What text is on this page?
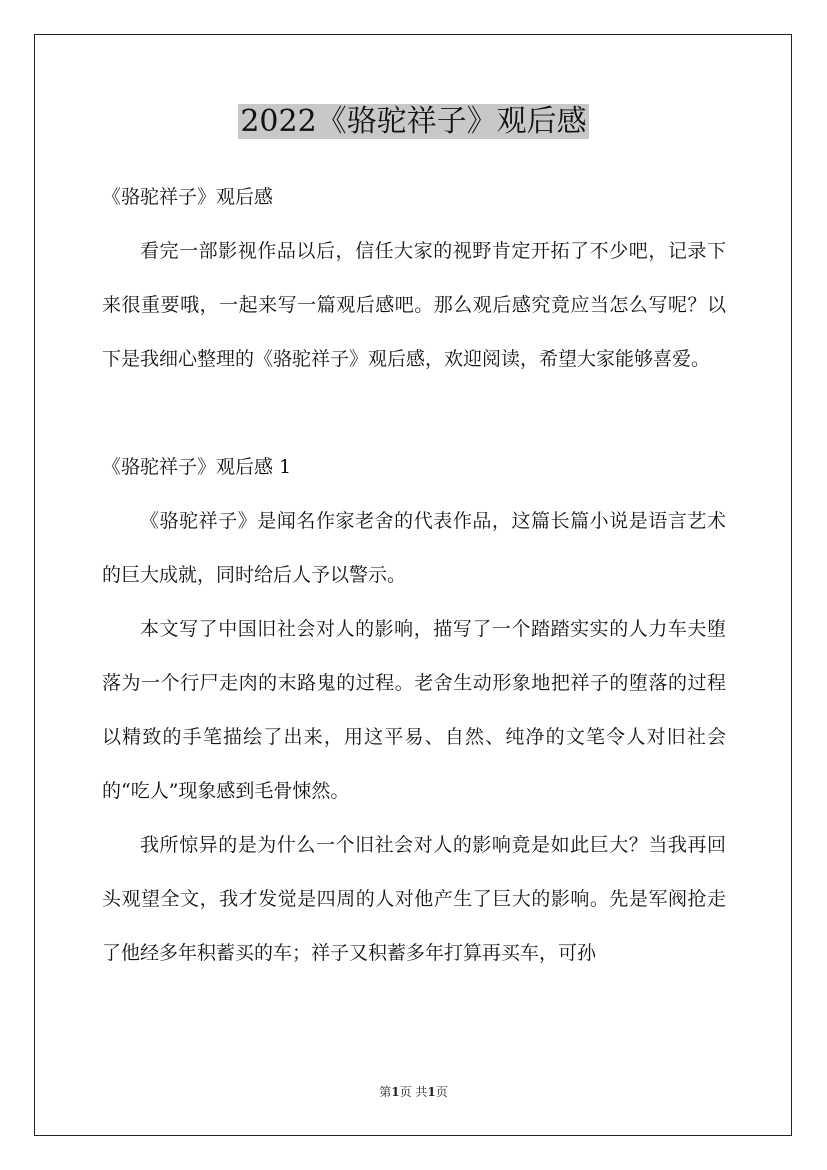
2022《骆驼祥子》观后感

《骆驼祥子》观后感

看完一部影视作品以后，信任大家的视野肯定开拓了不少吧，记录下来很重要哦，一起来写一篇观后感吧。那么观后感究竟应当怎么写呢？以下是我细心整理的《骆驼祥子》观后感，欢迎阅读，希望大家能够喜爱。

《骆驼祥子》观后感 1

《骆驼祥子》是闻名作家老舍的代表作品，这篇长篇小说是语言艺术的巨大成就，同时给后人予以警示。

本文写了中国旧社会对人的影响，描写了一个踏踏实实的人力车夫堕落为一个行尸走肉的末路鬼的过程。老舍生动形象地把祥子的堕落的过程以精致的手笔描绘了出来，用这平易、自然、纯净的文笔令人对旧社会的“吃人”现象感到毛骨悚然。

我所惊异的是为什么一个旧社会对人的影响竟是如此巨大？当我再回头观望全文，我才发觉是四周的人对他产生了巨大的影响。先是军阀抢走了他经多年积蓄买的车；祥子又积蓄多年打算再买车，可孙

第1页 共1页
